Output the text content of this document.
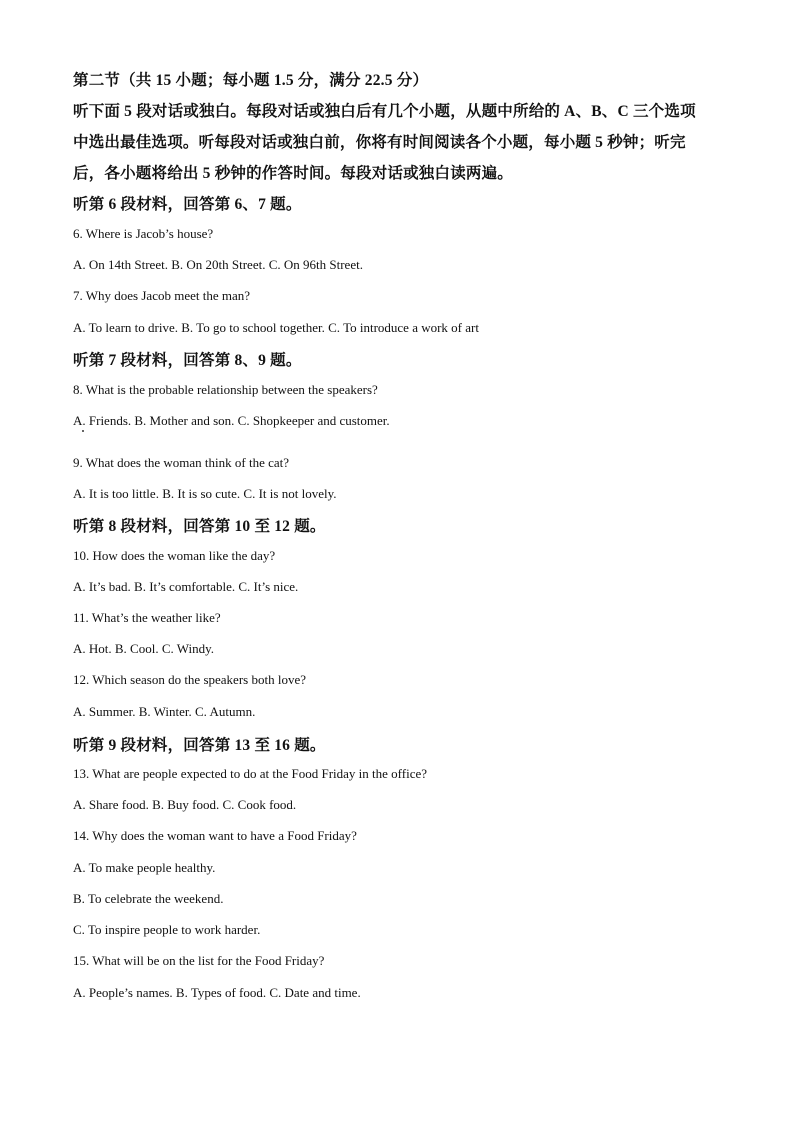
第二节（共 15 小题；每小题 1.5 分，满分 22.5 分）
听下面 5 段对话或独白。每段对话或独白后有几个小题，从题中所给的 A、B、C 三个选项
中选出最佳选项。听每段对话或独白前，你将有时间阅读各个小题，每小题 5 秒钟；听完
后，各小题将给出 5 秒钟的作答时间。每段对话或独白读两遍。
听第 6 段材料，回答第 6、7 题。
6. Where is Jacob’s house?
A. On 14th Street. B. On 20th Street. C. On 96th Street.
7. Why does Jacob meet the man?
A. To learn to drive. B. To go to school together. C. To introduce a work of art
听第 7 段材料，回答第 8、9 题。
8. What is the probable relationship between the speakers?
A. Friends. B. Mother and son. C. Shopkeeper and customer.
9. What does the woman think of the cat?
A. It is too little. B. It is so cute. C. It is not lovely.
听第 8 段材料，回答第 10 至 12 题。
10. How does the woman like the day?
A. It’s bad. B. It’s comfortable. C. It’s nice.
11. What’s the weather like?
A. Hot. B. Cool. C. Windy.
12. Which season do the speakers both love?
A. Summer. B. Winter. C. Autumn.
听第 9 段材料，回答第 13 至 16 题。
13. What are people expected to do at the Food Friday in the office?
A. Share food. B. Buy food. C. Cook food.
14. Why does the woman want to have a Food Friday?
A. To make people healthy.
B. To celebrate the weekend.
C. To inspire people to work harder.
15. What will be on the list for the Food Friday?
A. People’s names. B. Types of food. C. Date and time.
